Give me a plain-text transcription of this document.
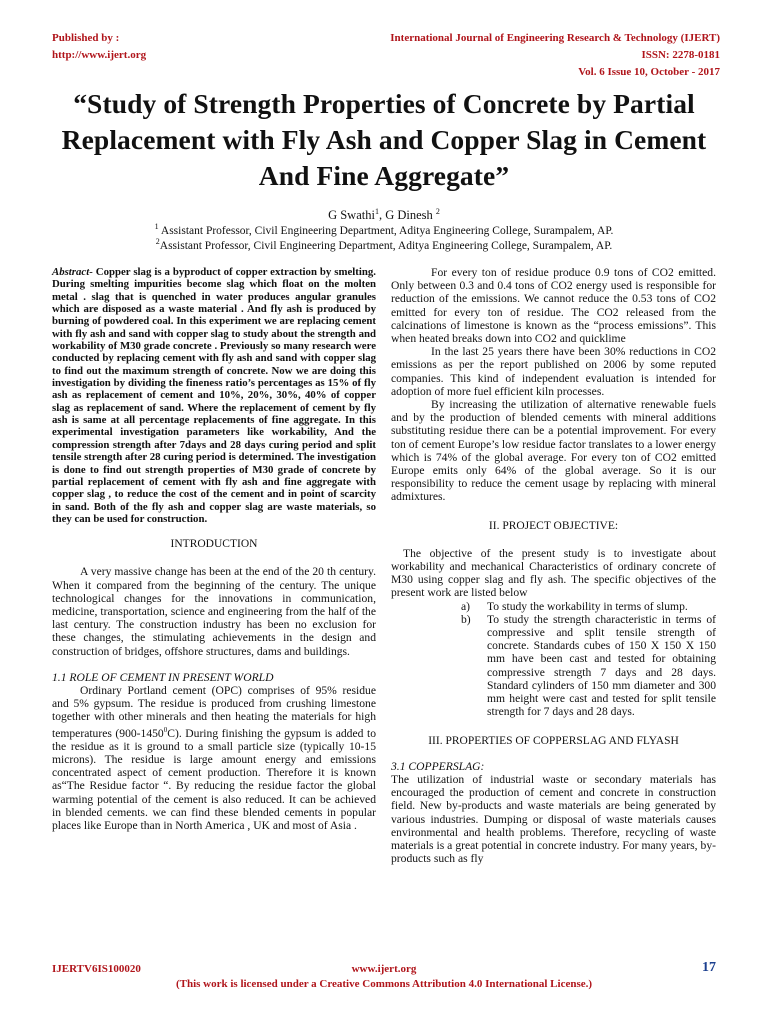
Published by :
http://www.ijert.org
International Journal of Engineering Research & Technology (IJERT)
ISSN: 2278-0181
Vol. 6 Issue 10, October - 2017
“Study of Strength Properties of Concrete by Partial Replacement with Fly Ash and Copper Slag in Cement And Fine Aggregate”
G Swathi$^1$, G Dinesh $^2$
$^1$ Assistant Professor, Civil Engineering Department, Aditya Engineering College, Surampalem, AP.
$^2$Assistant Professor, Civil Engineering Department, Aditya Engineering College, Surampalem, AP.

Abstract- Copper slag is a byproduct of copper extraction by smelting. During smelting impurities become slag which float on the molten metal . slag that is quenched in water produces angular granules which are disposed as a waste material . And fly ash is produced by burning of powdered coal. In this experiment we are replacing cement with fly ash and sand with copper slag to study about the strength and workability of M30 grade concrete . Previously so many research were conducted by replacing cement with fly ash and sand with copper slag to find out the maximum strength of concrete. Now we are doing this investigation by dividing the fineness ratio’s percentages as 15% of fly ash as replacement of cement and 10%, 20%, 30%, 40% of copper slag as replacement of sand. Where the replacement of cement by fly ash is same at all percentage replacements of fine aggregate. In this experimental investigation parameters like workability, And the compression strength after 7days and 28 days curing period and split tensile strength after 28 curing period is determined. The investigation is done to find out strength properties of M30 grade of concrete by partial replacement of cement with fly ash and fine aggregate with copper slag , to reduce the cost of the cement and in point of scarcity in sand. Both of the fly ash and copper slag are waste materials, so they can be used for construction.

INTRODUCTION

A very massive change has been at the end of the 20 th century. When it compared from the beginning of the century. The unique technological changes for the innovations in communication, medicine, transportation, science and engineering from the half of the last century. The construction industry has been no exclusion for these changes, the stimulating achievements in the design and construction of bridges, offshore structures, dams and buildings.

1.1 ROLE OF CEMENT IN PRESENT WORLD

Ordinary Portland cement (OPC) comprises of 95% residue and 5% gypsum. The residue is produced from crushing limestone together with other minerals and then heating the materials for high temperatures (900-1450$^0$C). During finishing the gypsum is added to the residue as it is ground to a small particle size (typically 10-15 microns). The residue is large amount energy and emissions concentrated aspect of cement production. Therefore it is known as“The Residue factor “. By reducing the residue factor the global warming potential of the cement is also reduced. It can be achieved in blended cements. we can find these blended cements in popular places like Europe than in North America , UK and most of Asia .

For every ton of residue produce 0.9 tons of CO2 emitted. Only between 0.3 and 0.4 tons of CO2 energy used is responsible for reduction of the emissions. We cannot reduce the 0.53 tons of CO2 emitted for every ton of residue. The CO2 released from the calcinations of limestone is known as the “process emissions”. This when heated breaks down into CO2 and quicklime

In the last 25 years there have been 30% reductions in CO2 emissions as per the report published on 2006 by some reputed companies. This kind of independent evaluation is intended for adoption of more fuel efficient kiln processes.

By increasing the utilization of alternative renewable fuels and by the production of blended cements with mineral additions substituting residue there can be a potential improvement. For every ton of cement Europe’s low residue factor translates to a lower energy which is 74% of the global average. For every ton of CO2 emitted Europe emits only 64% of the global average. So it is our responsibility to reduce the cement usage by replacing with mineral admixtures.

II. PROJECT OBJECTIVE:

The objective of the present study is to investigate about workability and mechanical Characteristics of ordinary concrete of M30 using copper slag and fly ash. The specific objectives of the present work are listed below

a) To study the workability in terms of slump.
b) To study the strength characteristic in terms of compressive and split tensile strength of concrete. Standards cubes of 150 X 150 X 150 mm have been cast and tested for obtaining compressive strength 7 days and 28 days. Standard cylinders of 150 mm diameter and 300 mm height were cast and tested for split tensile strength for 7 days and 28 days.

III. PROPERTIES OF COPPERSLAG AND FLYASH

3.1 COPPERSLAG:

The utilization of industrial waste or secondary materials has encouraged the production of cement and concrete in construction field. New by-products and waste materials are being generated by various industries. Dumping or disposal of waste materials causes environmental and health problems. Therefore, recycling of waste materials is a great potential in concrete industry. For many years, by-products such as fly

IJERTV6IS100020	www.ijert.org
(This work is licensed under a Creative Commons Attribution 4.0 International License.)
17
